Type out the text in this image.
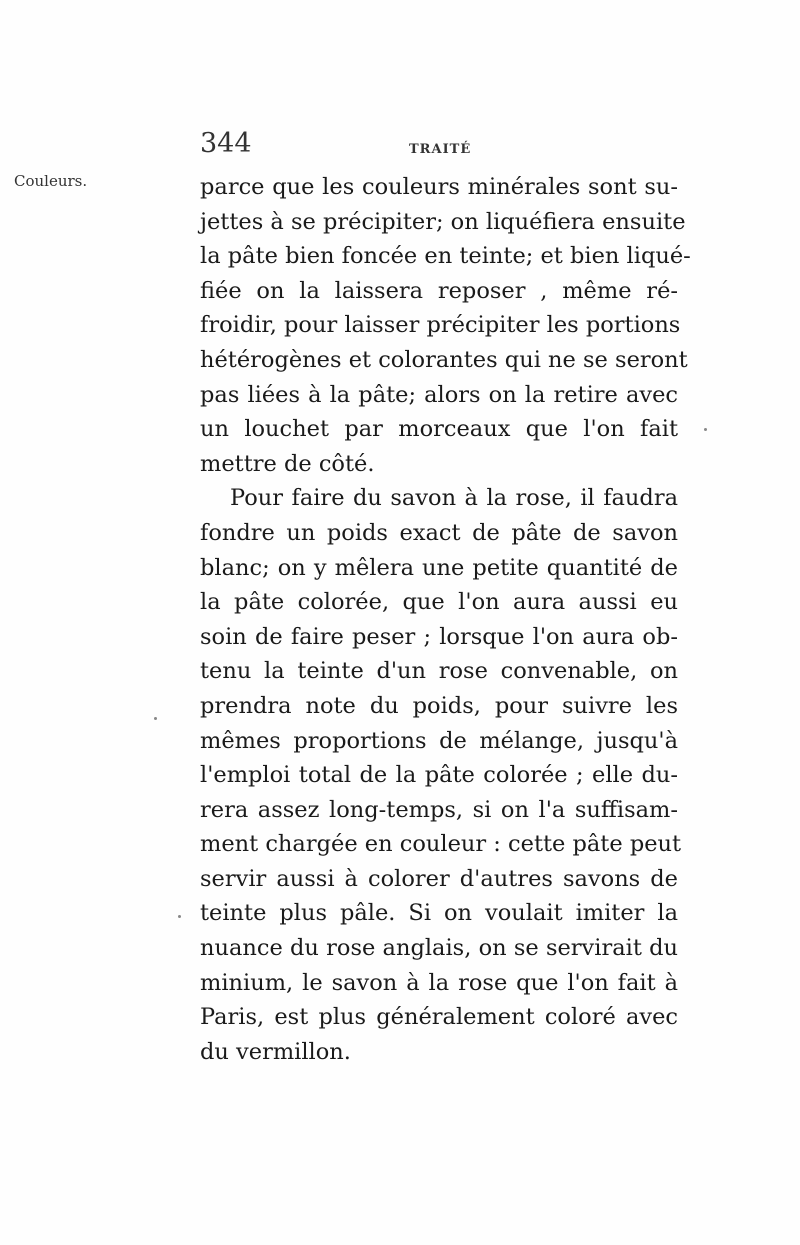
344	TRAITÉ
Couleurs.	parce que les couleurs minérales sont su-
jettes à se précipiter; on liquéfiera ensuite
la pâte bien foncée en teinte; et bien liqué-
fiée on la laissera reposer , même ré-
froidir, pour laisser précipiter les portions
hétérogènes et colorantes qui ne se seront
pas liées à la pâte; alors on la retire avec
un louchet par morceaux que l'on fait
mettre de côté.
Pour faire du savon à la rose, il faudra
fondre un poids exact de pâte de savon
blanc; on y mêlera une petite quantité de
la pâte colorée, que l'on aura aussi eu
soin de faire peser ; lorsque l'on aura ob-
tenu la teinte d'un rose convenable, on
prendra note du poids, pour suivre les
mêmes proportions de mélange, jusqu'à
l'emploi total de la pâte colorée ; elle du-
rera assez long-temps, si on l'a suffisam-
ment chargée en couleur : cette pâte peut
servir aussi à colorer d'autres savons de
teinte plus pâle. Si on voulait imiter la
nuance du rose anglais, on se servirait du
minium, le savon à la rose que l'on fait à
Paris, est plus généralement coloré avec
du vermillon.
